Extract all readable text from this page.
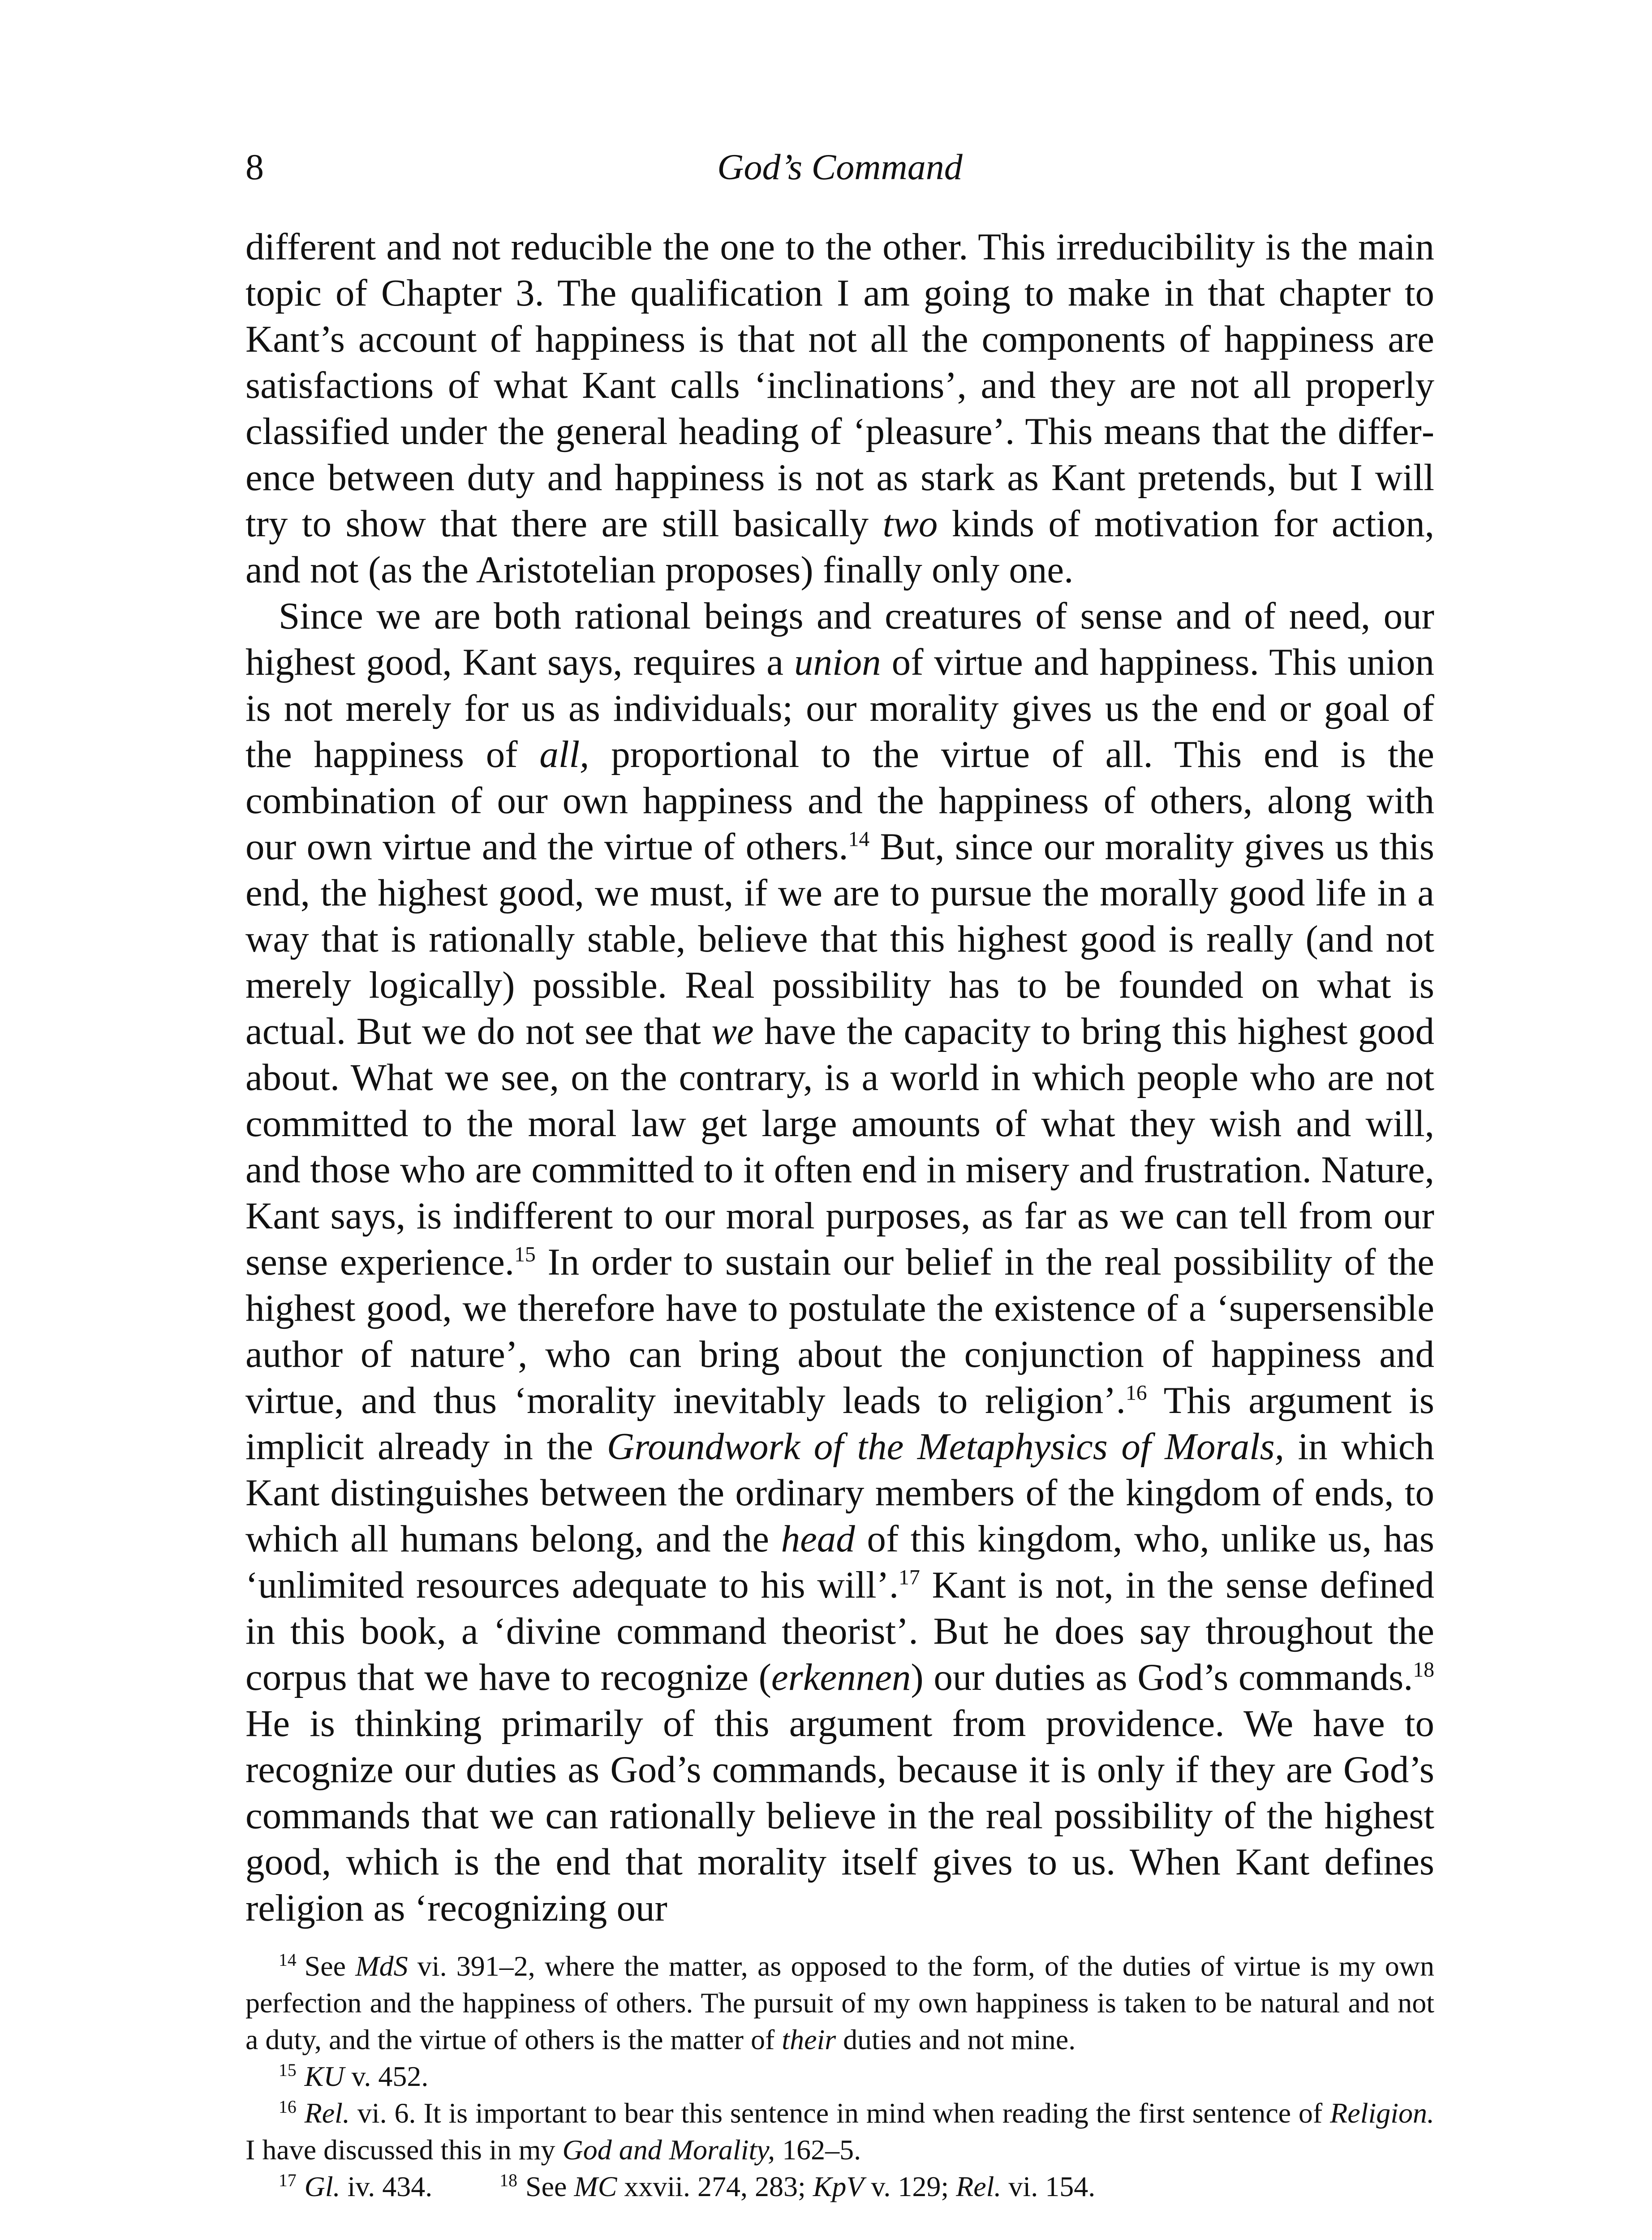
8	God’s Command

different and not reducible the one to the other. This irreducibility is the main topic of Chapter 3. The qualification I am going to make in that chapter to Kant’s account of happiness is that not all the components of happiness are satisfactions of what Kant calls ‘inclinations’, and they are not all properly classified under the general heading of ‘pleasure’. This means that the difference between duty and happiness is not as stark as Kant pretends, but I will try to show that there are still basically two kinds of motivation for action, and not (as the Aristotelian proposes) finally only one.

Since we are both rational beings and creatures of sense and of need, our highest good, Kant says, requires a union of virtue and happiness. This union is not merely for us as individuals; our morality gives us the end or goal of the happiness of all, proportional to the virtue of all. This end is the combination of our own happiness and the happiness of others, along with our own virtue and the virtue of others.$^{14}$ But, since our morality gives us this end, the highest good, we must, if we are to pursue the morally good life in a way that is rationally stable, believe that this highest good is really (and not merely logically) possible. Real possibility has to be founded on what is actual. But we do not see that we have the capacity to bring this highest good about. What we see, on the contrary, is a world in which people who are not committed to the moral law get large amounts of what they wish and will, and those who are committed to it often end in misery and frustration. Nature, Kant says, is indifferent to our moral purposes, as far as we can tell from our sense experience.$^{15}$ In order to sustain our belief in the real possibility of the highest good, we therefore have to postulate the existence of a ‘supersensible author of nature’, who can bring about the conjunction of happiness and virtue, and thus ‘morality inevitably leads to religion’.$^{16}$ This argument is implicit already in the Groundwork of the Metaphysics of Morals, in which Kant distinguishes between the ordinary members of the kingdom of ends, to which all humans belong, and the head of this kingdom, who, unlike us, has ‘unlimited resources adequate to his will’.$^{17}$ Kant is not, in the sense defined in this book, a ‘divine command theorist’. But he does say throughout the corpus that we have to recognize (erkennen) our duties as God’s commands.$^{18}$ He is thinking primarily of this argument from providence. We have to recognize our duties as God’s commands, because it is only if they are God’s commands that we can rationally believe in the real possibility of the highest good, which is the end that morality itself gives to us. When Kant defines religion as ‘recognizing our

$^{14}$ See MdS vi. 391–2, where the matter, as opposed to the form, of the duties of virtue is my own perfection and the happiness of others. The pursuit of my own happiness is taken to be natural and not a duty, and the virtue of others is the matter of their duties and not mine.

$^{15}$ KU v. 452.

$^{16}$ Rel. vi. 6. It is important to bear this sentence in mind when reading the first sentence of Religion. I have discussed this in my God and Morality, 162–5.

$^{17}$ Gl. iv. 434.	$^{18}$ See MC xxvii. 274, 283; KpV v. 129; Rel. vi. 154.
